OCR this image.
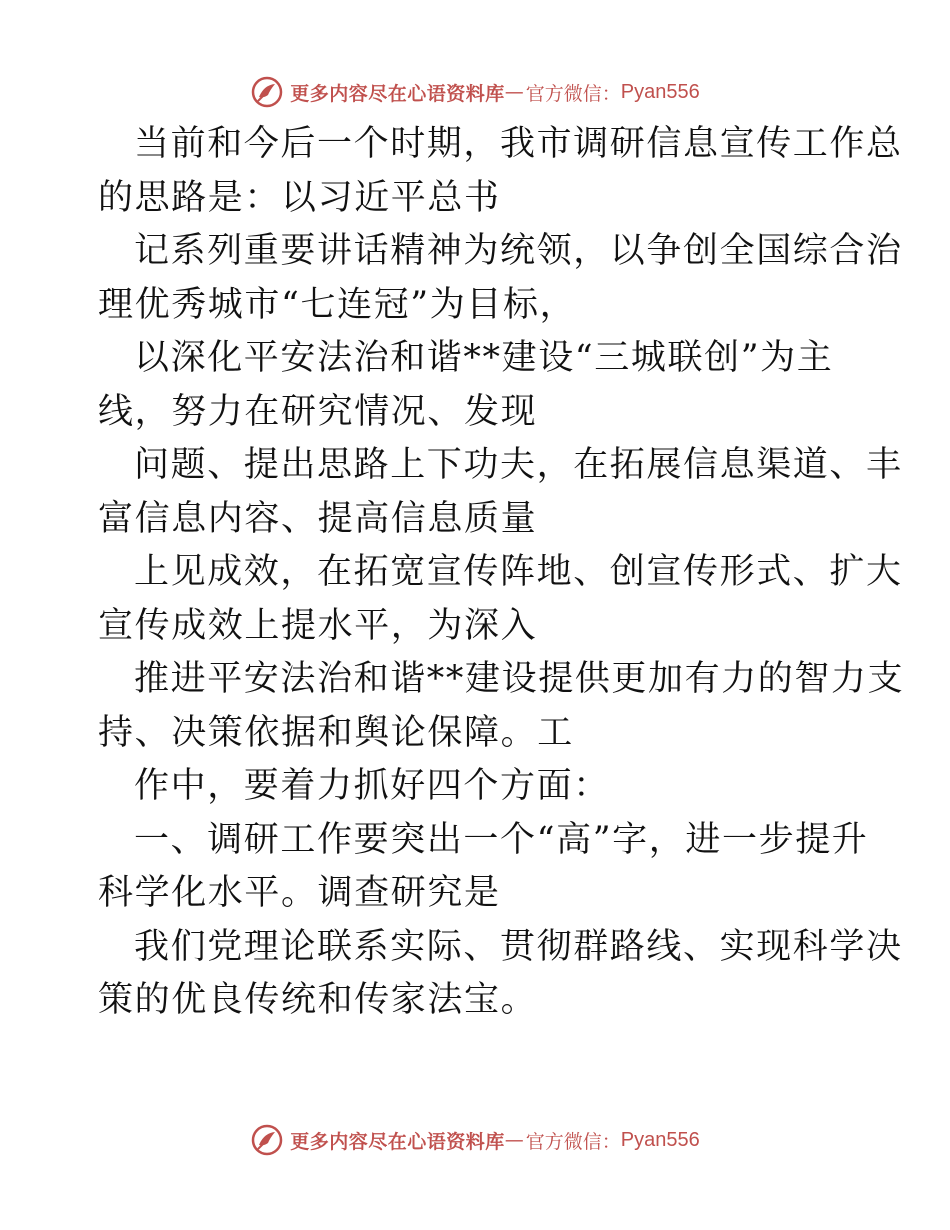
更多内容尽在心语资料库 — 官方微信： Pyan556
当前和今后一个时期，我市调研信息宣传工作总
的思路是：以习近平总书
记系列重要讲话精神为统领，以争创全国综合治
理优秀城市“七连冠”为目标，
以深化平安法治和谐**建设“三城联创”为主
线，努力在研究情况、发现
问题、提出思路上下功夫，在拓展信息渠道、丰
富信息内容、提高信息质量
上见成效，在拓宽宣传阵地、创宣传形式、扩大
宣传成效上提水平，为深入
推进平安法治和谐**建设提供更加有力的智力支
持、决策依据和舆论保障。工
作中，要着力抓好四个方面：
一、调研工作要突出一个“高”字，进一步提升
科学化水平。调查研究是
我们党理论联系实际、贯彻群路线、实现科学决
策的优良传统和传家法宝。
更多内容尽在心语资料库 — 官方微信： Pyan556
